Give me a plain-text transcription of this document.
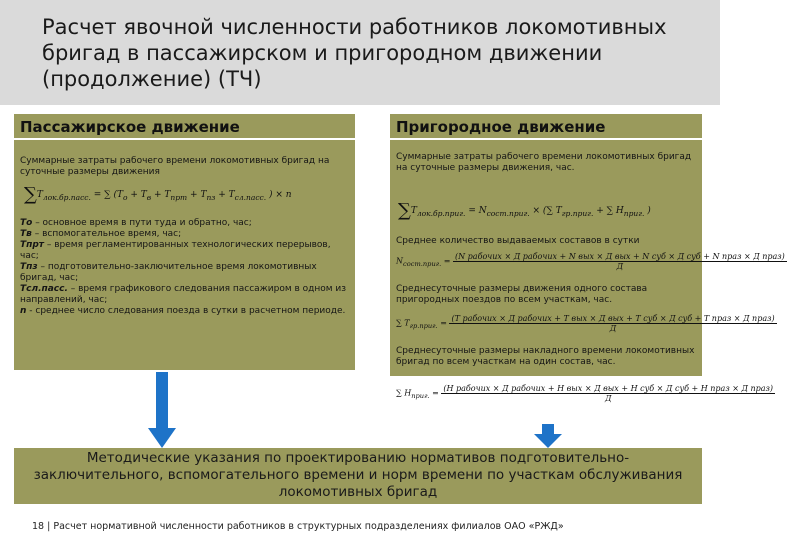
Расчет явочной численности работников локомотивных бригад в пассажирском и пригородном движении (продолжение) (ТЧ)
Пассажирское движение
Суммарные затраты рабочего времени локомотивных бригад на суточные размеры движения
$\sum T_{лок.бр.пасс.}$ = ∑ ($T_о + T_в + T_{прт} + T_{пз} + T_{сл.пасс.}$ ) × n
То – основное время в пути туда и обратно, час;
Тв – вспомогательное время, час;
Тпрт – время регламентированных технологических перерывов, час;
Тпз – подготовительно-заключительное время локомотивных бригад, час;
Тсл.пасс. – время графикового следования пассажиром в одном из направлений, час;
n - среднее число следования поезда в сутки в расчетном периоде.
Пригородное движение
Суммарные затраты рабочего времени локомотивных бригад на суточные размеры движения, час.
$\sum T_{лок.бр.приг.} = N_{сост.приг.}$ × (∑ $T_{гр.приг.}$ + ∑ $H_{приг.}$ )
Среднее количество выдаваемых составов в сутки
$N_{сост.приг.} = (N$ рабочих × Д рабочих + N вых × Д вых + N суб × Д суб + N праз × Д праз)
Д
Среднесуточные размеры движения одного состава пригородных поездов по всем участкам, час.
∑ $T_{гр.приг.} = (T$ рабочих × Д рабочих + T вых × Д вых + T суб × Д суб + T праз × Д праз)
Д
Среднесуточные размеры накладного времени локомотивных бригад по всем участкам на один состав, час.
∑ $H_{приг.} = (H$ рабочих × Д рабочих + H вых × Д вых + H суб × Д суб + H праз × Д праз)
Д
Методические указания по проектированию нормативов подготовительно-заключительного, вспомогательного времени и норм времени по участкам обслуживания локомотивных бригад
18 | Расчет нормативной численности работников в структурных подразделениях филиалов ОАО «РЖД»
